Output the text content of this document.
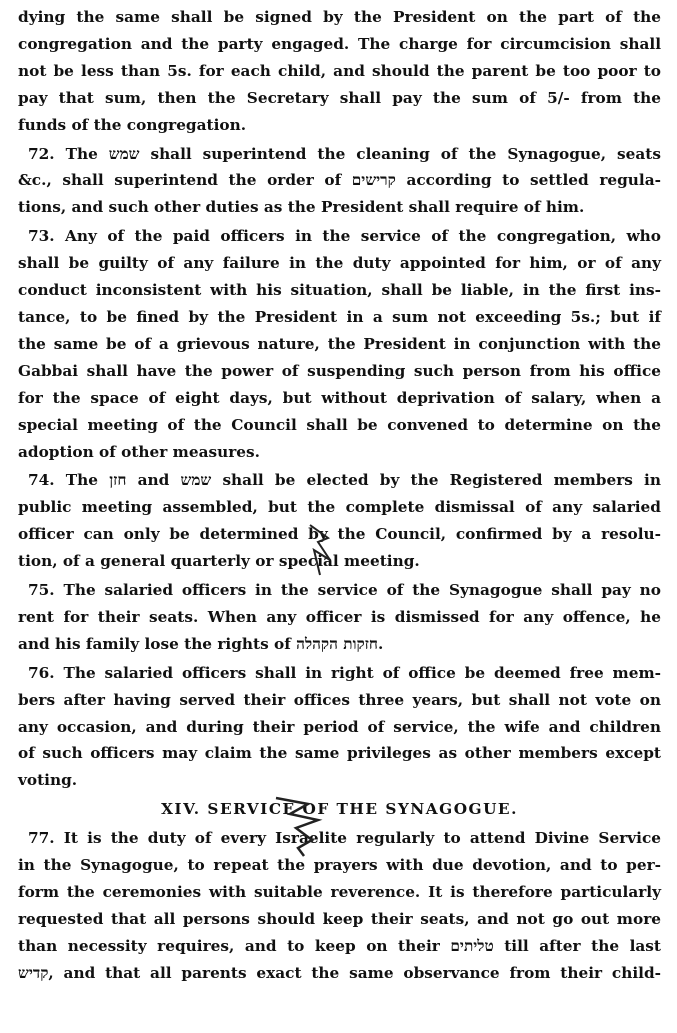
dying the same shall be signed by the President on the part of the
congregation and the party engaged. The charge for circumcision shall
not be less than 5s. for each child, and should the parent be too poor to
pay that sum, then the Secretary shall pay the sum of 5/- from the
funds of the congregation.
72. The שמש shall superintend the cleaning of the Synagogue, seats
&c., shall superintend the order of קרישים according to settled regula-
tions, and such other duties as the President shall require of him.
73. Any of the paid officers in the service of the congregation, who
shall be guilty of any failure in the duty appointed for him, or of any
conduct inconsistent with his situation, shall be liable, in the first ins-
tance, to be fined by the President in a sum not exceeding 5s.; but if
the same be of a grievous nature, the President in conjunction with the
Gabbai shall have the power of suspending such person from his office
for the space of eight days, but without deprivation of salary, when a
special meeting of the Council shall be convened to determine on the
adoption of other measures.
74. The חזן and שמש shall be elected by the Registered members in
public meeting assembled, but the complete dismissal of any salaried
officer can only be determined by the Council, confirmed by a resolu-
tion, of a general quarterly or special meeting.
75. The salaried officers in the service of the Synagogue shall pay no
rent for their seats. When any officer is dismissed for any offence, he
and his family lose the rights of חזקות הקהלה.
76. The salaried officers shall in right of office be deemed free mem-
bers after having served their offices three years, but shall not vote on
any occasion, and during their period of service, the wife and children
of such officers may claim the same privileges as other members except
voting.
XIV. SERVICE OF THE SYNAGOGUE.
77. It is the duty of every Israelite regularly to attend Divine Service
in the Synagogue, to repeat the prayers with due devotion, and to per-
form the ceremonies with suitable reverence. It is therefore particularly
requested that all persons should keep their seats, and not go out more
than necessity requires, and to keep on their טליתים till after the last
קדיש, and that all parents exact the same observance from their child-
